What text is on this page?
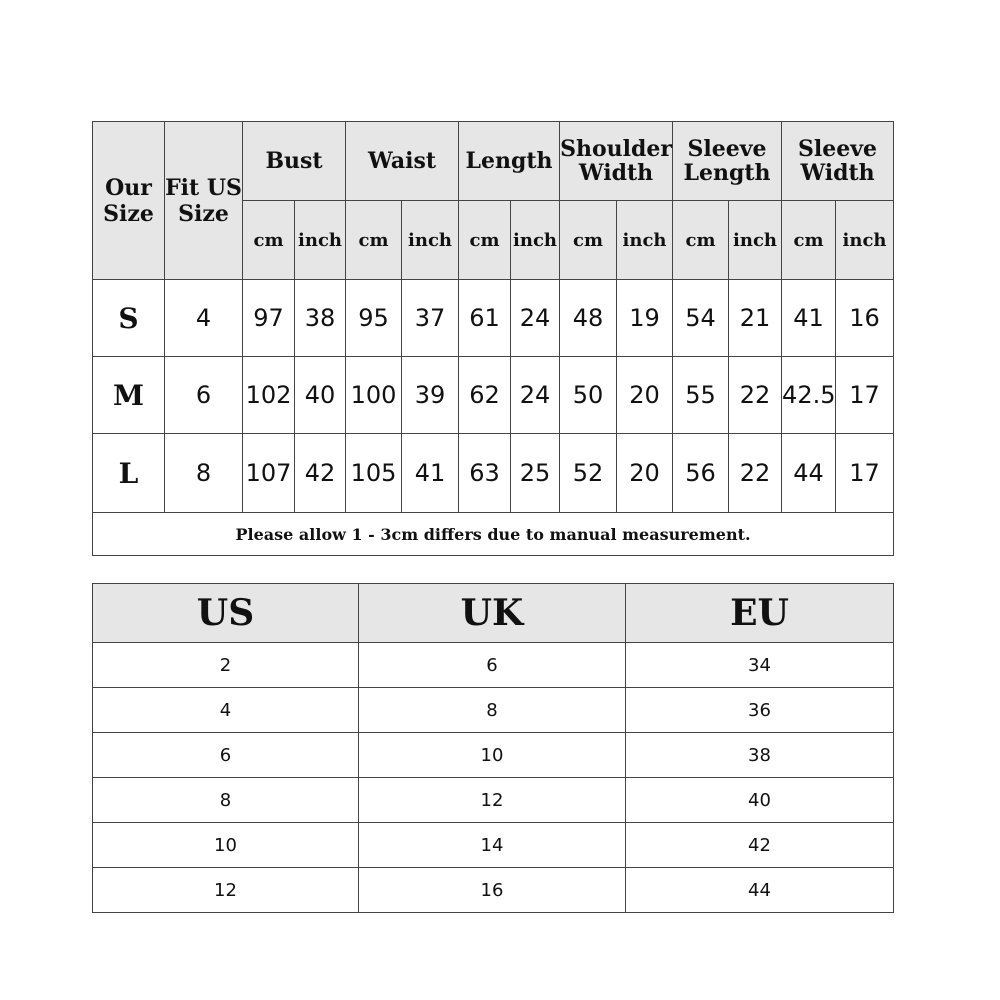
Our Size	Fit US Size	Bust		Waist		Length		Shoulder Width		Sleeve Length		Sleeve Width	
		cm	inch	cm	inch	cm	inch	cm	inch	cm	inch	cm	inch
S	4	97	38	95	37	61	24	48	19	54	21	41	16
M	6	102	40	100	39	62	24	50	20	55	22	42.5	17
L	8	107	42	105	41	63	25	52	20	56	22	44	17
Please allow 1 - 3cm differs due to manual measurement.													
US	UK	EU
2	6	34
4	8	36
6	10	38
8	12	40
10	14	42
12	16	44
